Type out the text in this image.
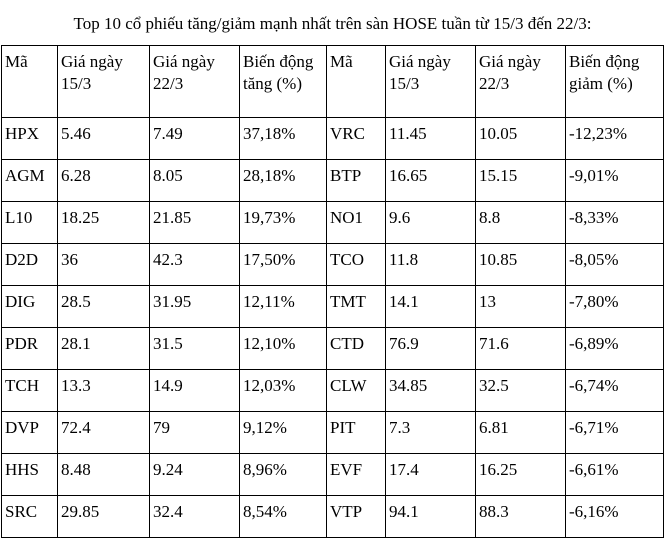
Top 10 cổ phiếu tăng/giảm mạnh nhất trên sàn HOSE tuần từ 15/3 đến 22/3:
Mã	Giá ngày 15/3	Giá ngày 22/3	Biến động tăng (%)	Mã	Giá ngày 15/3	Giá ngày 22/3	Biến động giảm (%)
HPX	5.46	7.49	37,18%	VRC	11.45	10.05	-12,23%
AGM	6.28	8.05	28,18%	BTP	16.65	15.15	-9,01%
L10	18.25	21.85	19,73%	NO1	9.6	8.8	-8,33%
D2D	36	42.3	17,50%	TCO	11.8	10.85	-8,05%
DIG	28.5	31.95	12,11%	TMT	14.1	13	-7,80%
PDR	28.1	31.5	12,10%	CTD	76.9	71.6	-6,89%
TCH	13.3	14.9	12,03%	CLW	34.85	32.5	-6,74%
DVP	72.4	79	9,12%	PIT	7.3	6.81	-6,71%
HHS	8.48	9.24	8,96%	EVF	17.4	16.25	-6,61%
SRC	29.85	32.4	8,54%	VTP	94.1	88.3	-6,16%
